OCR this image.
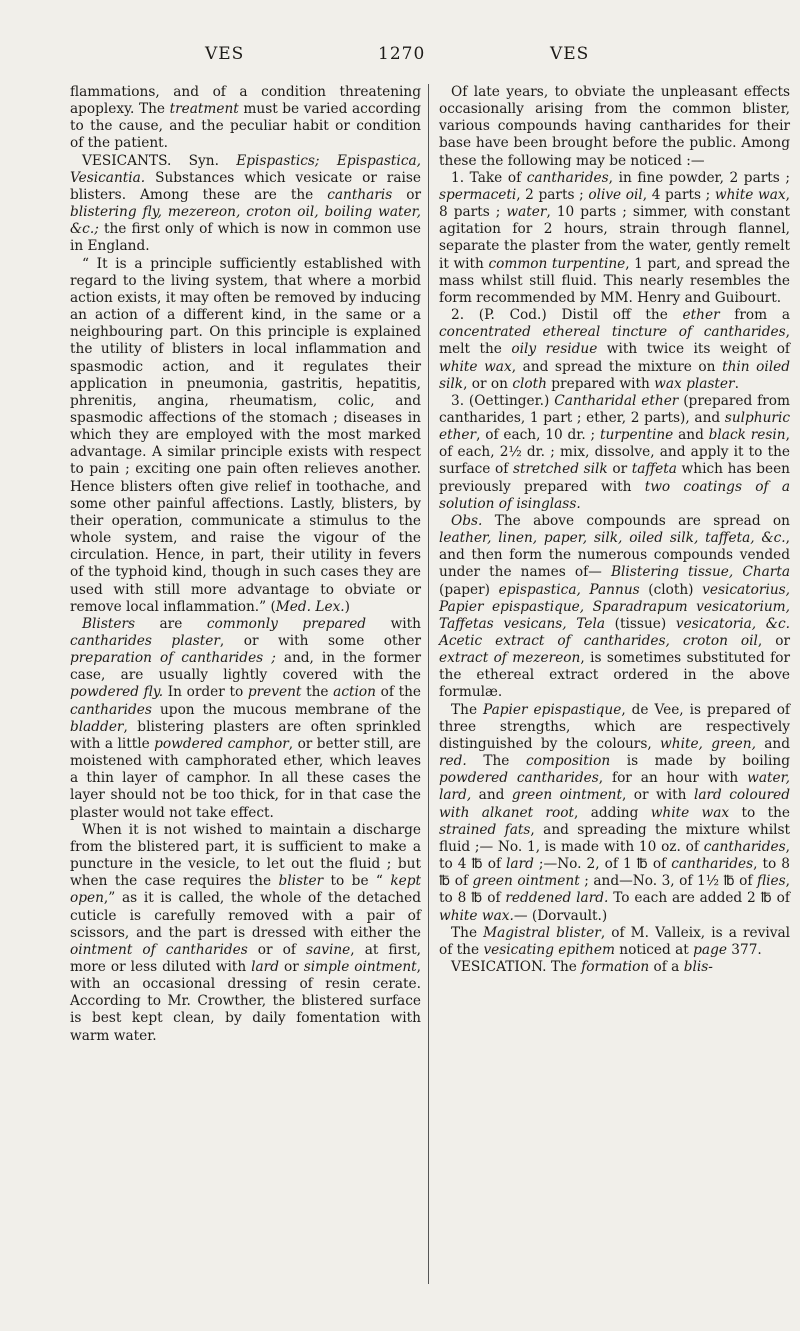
VES	1270	VES

flammations, and of a condition threatening apoplexy. The treatment must be varied according to the cause, and the peculiar habit or condition of the patient.

VESICANTS. Syn. Epispastics; Epispastica, Vesicantia. Substances which vesicate or raise blisters. Among these are the cantharis or blistering fly, mezereon, croton oil, boiling water, &c.; the first only of which is now in common use in England.

“ It is a principle sufficiently established with regard to the living system, that where a morbid action exists, it may often be removed by inducing an action of a different kind, in the same or a neighbouring part. On this principle is explained the utility of blisters in local inflammation and spasmodic action, and it regulates their application in pneumonia, gastritis, hepatitis, phrenitis, angina, rheumatism, colic, and spasmodic affections of the stomach ; diseases in which they are employed with the most marked advantage. A similar principle exists with respect to pain ; exciting one pain often relieves another. Hence blisters often give relief in toothache, and some other painful affections. Lastly, blisters, by their operation, communicate a stimulus to the whole system, and raise the vigour of the circulation. Hence, in part, their utility in fevers of the typhoid kind, though in such cases they are used with still more advantage to obviate or remove local inflammation.” (Med. Lex.)

Blisters are commonly prepared with cantharides plaster, or with some other preparation of cantharides ; and, in the former case, are usually lightly covered with the powdered fly. In order to prevent the action of the cantharides upon the mucous membrane of the bladder, blistering plasters are often sprinkled with a little powdered camphor, or better still, are moistened with camphorated ether, which leaves a thin layer of camphor. In all these cases the layer should not be too thick, for in that case the plaster would not take effect.

When it is not wished to maintain a discharge from the blistered part, it is sufficient to make a puncture in the vesicle, to let out the fluid ; but when the case requires the blister to be “ kept open,” as it is called, the whole of the detached cuticle is carefully removed with a pair of scissors, and the part is dressed with either the ointment of cantharides or of savine, at first, more or less diluted with lard or simple ointment, with an occasional dressing of resin cerate. According to Mr. Crowther, the blistered surface is best kept clean, by daily fomentation with warm water.

Of late years, to obviate the unpleasant effects occasionally arising from the common blister, various compounds having cantharides for their base have been brought before the public. Among these the following may be noticed :—

1. Take of cantharides, in fine powder, 2 parts ; spermaceti, 2 parts ; olive oil, 4 parts ; white wax, 8 parts ; water, 10 parts ; simmer, with constant agitation for 2 hours, strain through flannel, separate the plaster from the water, gently remelt it with common turpentine, 1 part, and spread the mass whilst still fluid. This nearly resembles the form recommended by MM. Henry and Guibourt.

2. (P. Cod.) Distil off the ether from a concentrated ethereal tincture of cantharides, melt the oily residue with twice its weight of white wax, and spread the mixture on thin oiled silk, or on cloth prepared with wax plaster.

3. (Oettinger.) Cantharidal ether (prepared from cantharides, 1 part ; ether, 2 parts), and sulphuric ether, of each, 10 dr. ; turpentine and black resin, of each, 2½ dr. ; mix, dissolve, and apply it to the surface of stretched silk or taffeta which has been previously prepared with two coatings of a solution of isinglass.

Obs. The above compounds are spread on leather, linen, paper, silk, oiled silk, taffeta, &c., and then form the numerous compounds vended under the names of— Blistering tissue, Charta (paper) epispastica, Pannus (cloth) vesicatorius, Papier epispastique, Sparadrapum vesicatorium, Taffetas vesicans, Tela (tissue) vesicatoria, &c. Acetic extract of cantharides, croton oil, or extract of mezereon, is sometimes substituted for the ethereal extract ordered in the above formulæ.

The Papier epispastique, de Vee, is prepared of three strengths, which are respectively distinguished by the colours, white, green, and red. The composition is made by boiling powdered cantharides, for an hour with water, lard, and green ointment, or with lard coloured with alkanet root, adding white wax to the strained fats, and spreading the mixture whilst fluid ;— No. 1, is made with 10 oz. of cantharides, to 4 ℔ of lard ;—No. 2, of 1 ℔ of cantharides, to 8 ℔ of green ointment ; and—No. 3, of 1½ ℔ of flies, to 8 ℔ of reddened lard. To each are added 2 ℔ of white wax.— (Dorvault.)

The Magistral blister, of M. Valleix, is a revival of the vesicating epithem noticed at page 377.

VESICATION. The formation of a blis-
